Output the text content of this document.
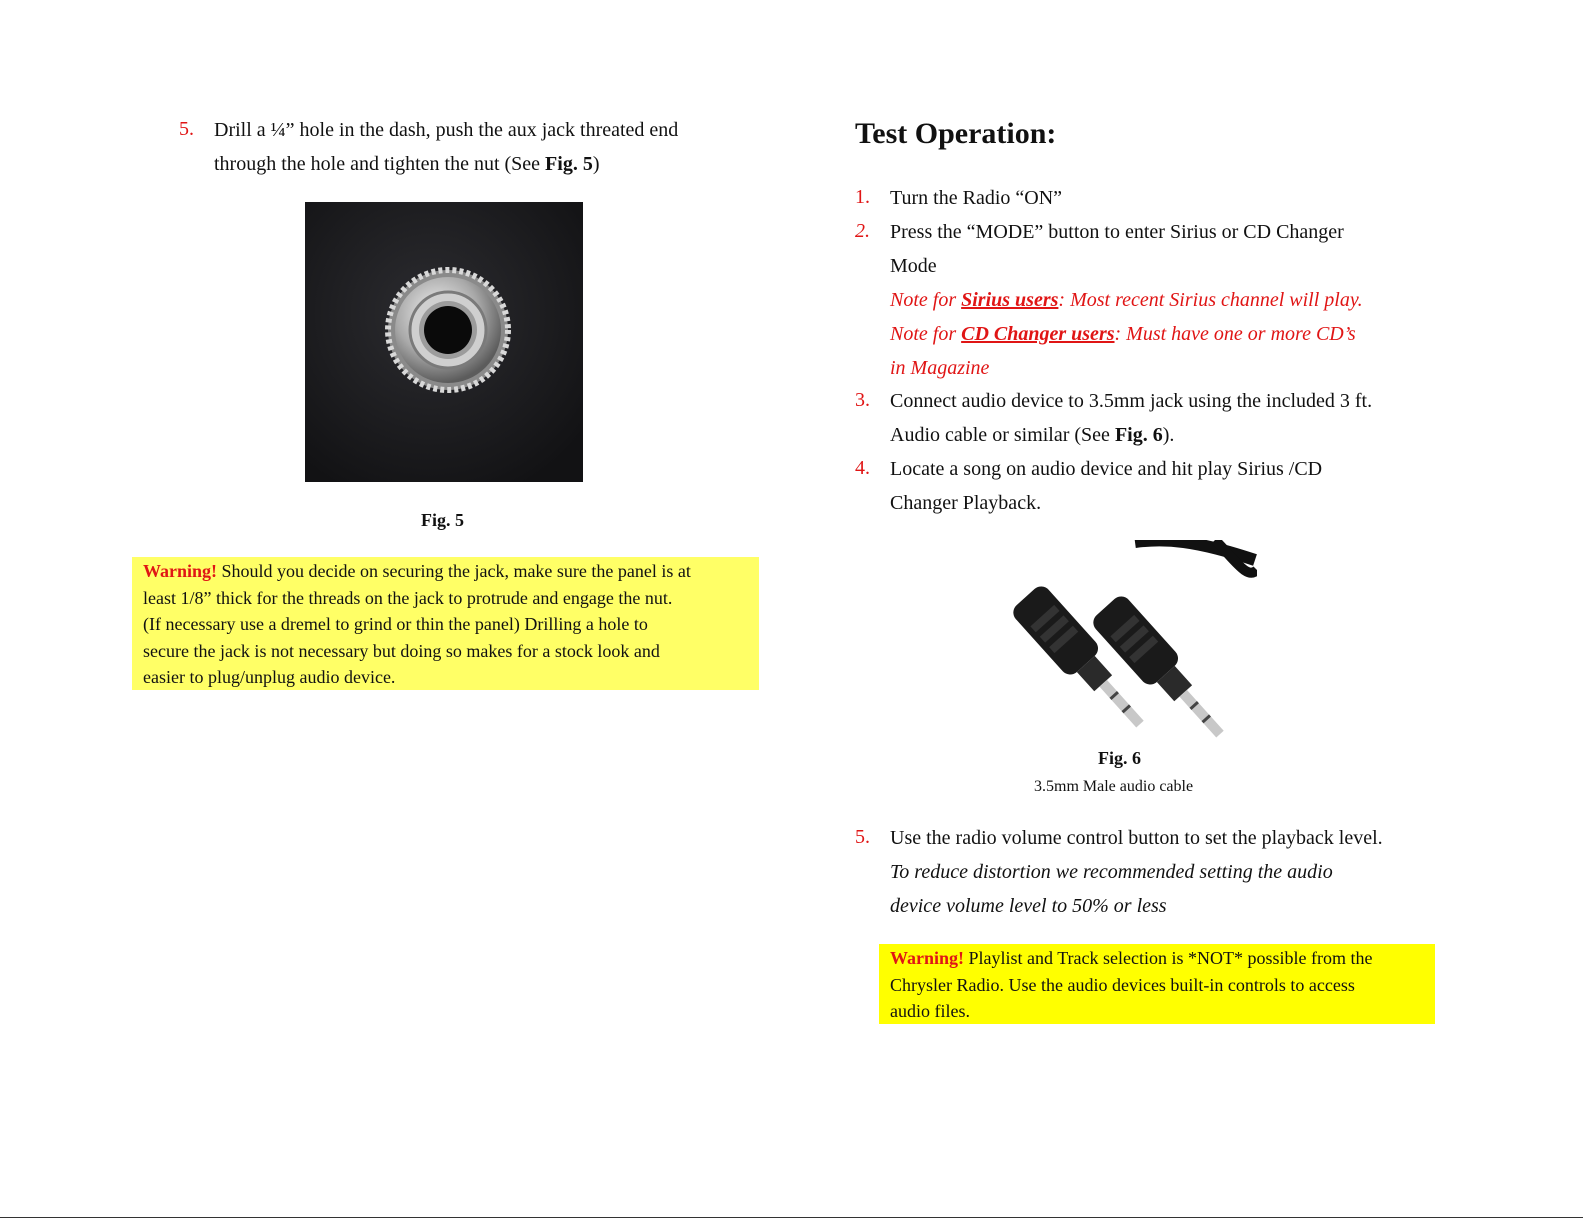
5. Drill a ¼” hole in the dash, push the aux jack threated end
through the hole and tighten the nut (See Fig. 5)
Fig. 5
Warning! Should you decide on securing the jack, make sure the panel is at
least 1/8” thick for the threads on the jack to protrude and engage the nut.
(If necessary use a dremel to grind or thin the panel) Drilling a hole to
secure the jack is not necessary but doing so makes for a stock look and
easier to plug/unplug audio device.
Test Operation:
1. Turn the Radio “ON”
2. Press the “MODE” button to enter Sirius or CD Changer
Mode
Note for Sirius users: Most recent Sirius channel will play.
Note for CD Changer users: Must have one or more CD’s
in Magazine
3. Connect audio device to 3.5mm jack using the included 3 ft.
Audio cable or similar (See Fig. 6).
4. Locate a song on audio device and hit play Sirius /CD
Changer Playback.
Fig. 6
3.5mm Male audio cable
5. Use the radio volume control button to set the playback level.
To reduce distortion we recommended setting the audio
device volume level to 50% or less
Warning! Playlist and Track selection is *NOT* possible from the
Chrysler Radio. Use the audio devices built-in controls to access
audio files.
